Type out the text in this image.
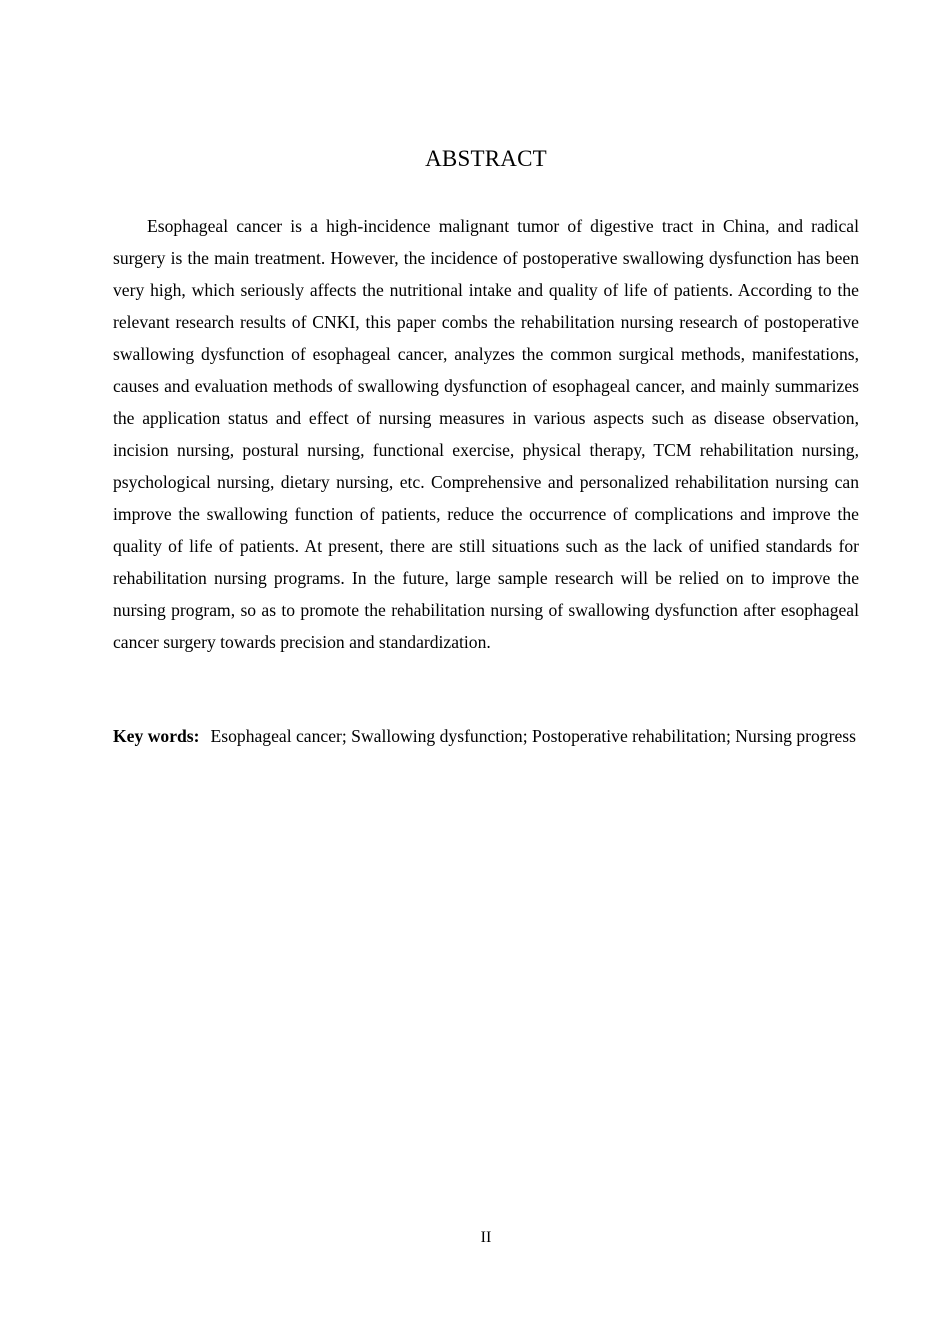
ABSTRACT

Esophageal cancer is a high-incidence malignant tumor of digestive tract in China, and radical surgery is the main treatment. However, the incidence of postoperative swallowing dysfunction has been very high, which seriously affects the nutritional intake and quality of life of patients. According to the relevant research results of CNKI, this paper combs the rehabilitation nursing research of postoperative swallowing dysfunction of esophageal cancer, analyzes the common surgical methods, manifestations, causes and evaluation methods of swallowing dysfunction of esophageal cancer, and mainly summarizes the application status and effect of nursing measures in various aspects such as disease observation, incision nursing, postural nursing, functional exercise, physical therapy, TCM rehabilitation nursing, psychological nursing, dietary nursing, etc. Comprehensive and personalized rehabilitation nursing can improve the swallowing function of patients, reduce the occurrence of complications and improve the quality of life of patients. At present, there are still situations such as the lack of unified standards for rehabilitation nursing programs. In the future, large sample research will be relied on to improve the nursing program, so as to promote the rehabilitation nursing of swallowing dysfunction after esophageal cancer surgery towards precision and standardization.

Key words: Esophageal cancer; Swallowing dysfunction; Postoperative rehabilitation; Nursing progress

II
